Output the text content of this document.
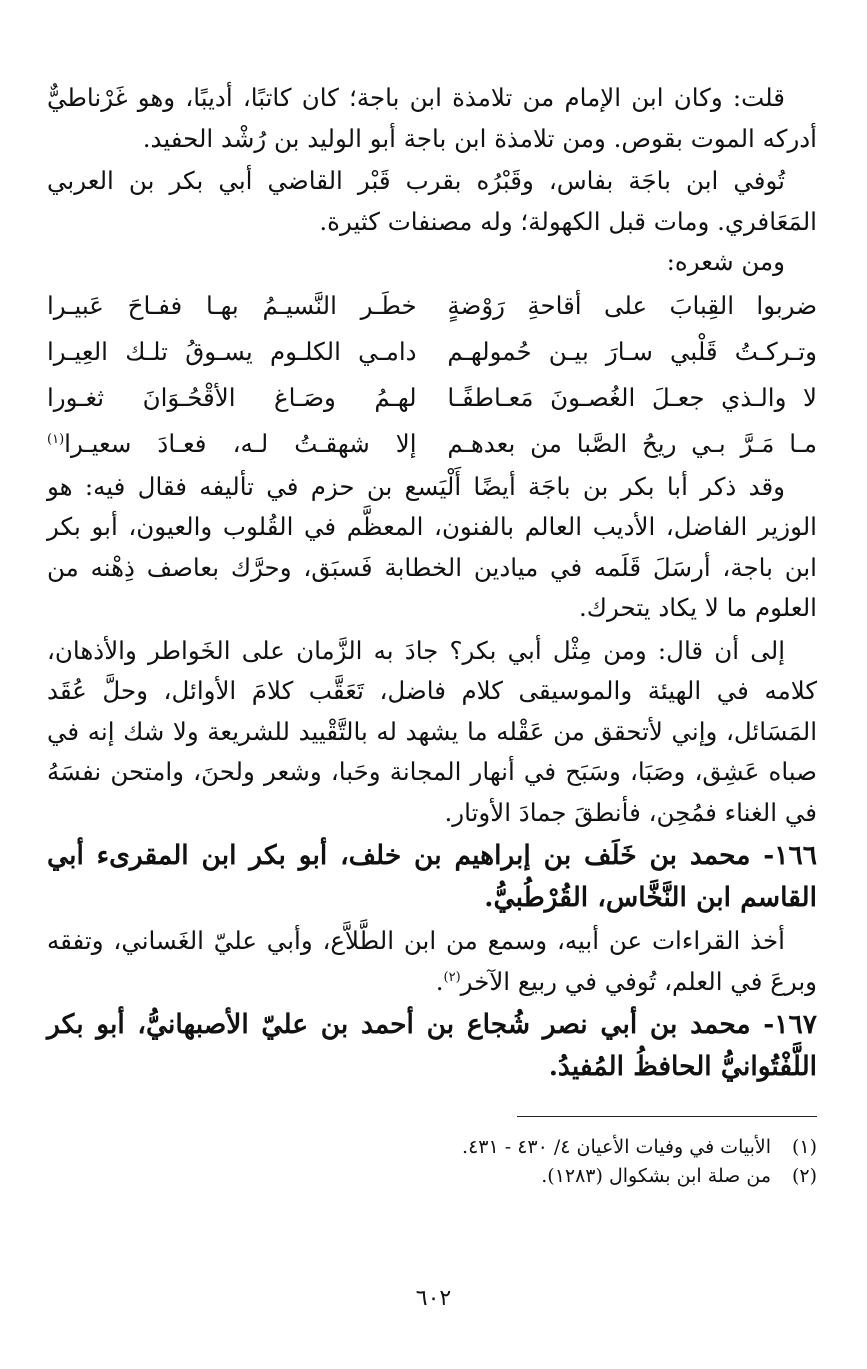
قلت: وكان ابن الإمام من تلامذة ابن باجة؛ كان كاتبًا، أديبًا، وهو غَرْناطيٌّ أدركه الموت بقوص. ومن تلامذة ابن باجة أبو الوليد بن رُشْد الحفيد.

تُوفي ابن باجَة بفاس، وقَبْرُه بقرب قَبْر القاضي أبي بكر بن العربي المَعَافري. ومات قبل الكهولة؛ وله مصنفات كثيرة.

ومن شعره:

ضربوا القِبابَ على أقاحةِ رَوْضةٍ
خطَـر النَّسيـمُ بهـا ففـاحَ عَبيـرا
وتـركـتُ قَلْبي سـارَ بيـن حُمولهـم
دامـي الكلـوم يسـوقُ تلـك العِيـرا
لا والـذي جعـلَ الغُصـونَ مَعـاطفًـا
لهـمُ وصَـاغ الأقْحُـوَانَ ثغـورا
مـا مَـرَّ بـي ريحُ الصَّبا من بعدهـم
إلا شهقـتُ لـه، فعـادَ سعيـرا$^{(١)}$

وقد ذكر أبا بكر بن باجَة أيضًا أَلْيَسع بن حزم في تأليفه فقال فيه: هو الوزير الفاضل، الأديب العالم بالفنون، المعظَّم في القُلوب والعيون، أبو بكر ابن باجة، أرسَلَ قَلَمه في ميادين الخطابة فَسبَق، وحرَّك بعاصف ذِهْنه من العلوم ما لا يكاد يتحرك.

إلى أن قال: ومن مِثْل أبي بكر؟ جادَ به الزَّمان على الخَواطر والأذهان، كلامه في الهيئة والموسيقى كلام فاضل، تَعَقَّب كلامَ الأوائل، وحلَّ عُقَد المَسَائل، وإني لأتحقق من عَقْله ما يشهد له بالتَّقْييد للشريعة ولا شك إنه في صباه عَشِق، وصَبَا، وسَبَح في أنهار المجانة وحَبا، وشعر ولحنَ، وامتحن نفسَهُ في الغناء فمُحِن، فأنطقَ جمادَ الأوتار.

١٦٦- محمد بن خَلَف بن إبراهيم بن خلف، أبو بكر ابن المقرىء أبي القاسم ابن النَّخَّاس، القُرْطُبيُّ.

أخذ القراءات عن أبيه، وسمع من ابن الطَّلاَّع، وأبي عليّ الغَساني، وتفقه وبرعَ في العلم، تُوفي في ربيع الآخر$^{(٢)}$.

١٦٧- محمد بن أبي نصر شُجاع بن أحمد بن عليّ الأصبهانيُّ، أبو بكر اللَّفْتُوانيُّ الحافظُ المُفيدُ.

(١)
الأبيات في وفيات الأعيان ٤/ ٤٣٠ - ٤٣١.
(٢)
من صلة ابن بشكوال (١٢٨٣).
٦٠٢
